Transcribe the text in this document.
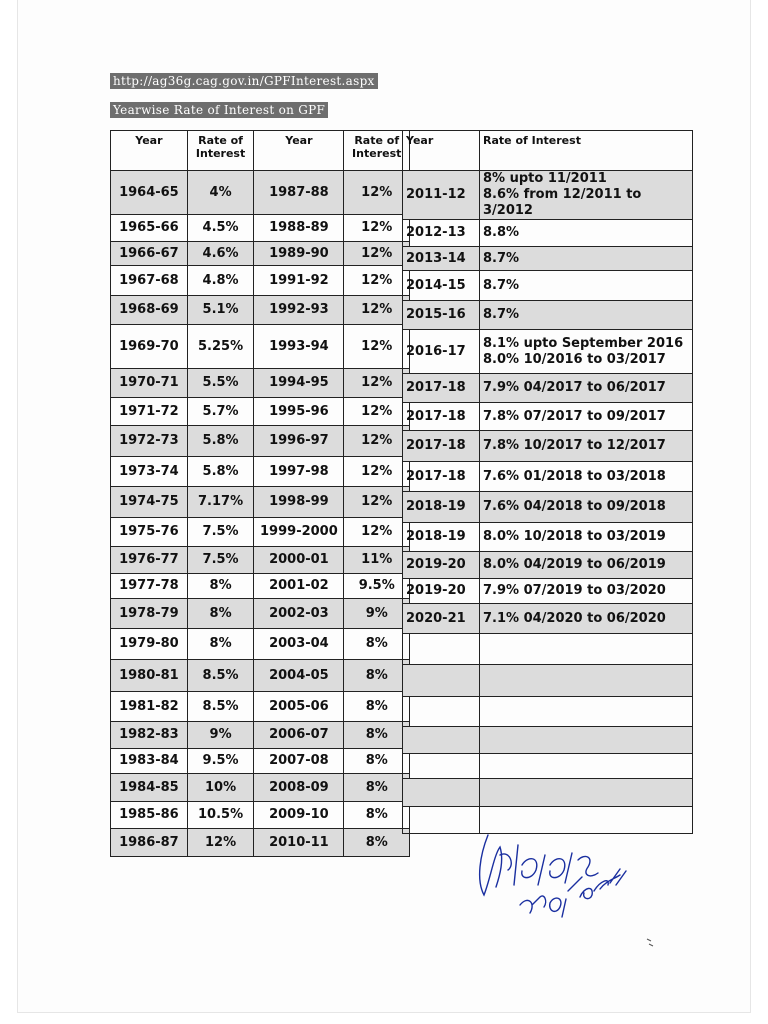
http://ag36g.cag.gov.in/GPFInterest.aspx
Yearwise Rate of Interest on GPF
Year	Rate of Interest	Year	Rate of Interest
1964-65	4%	1987-88	12%
1965-66	4.5%	1988-89	12%
1966-67	4.6%	1989-90	12%
1967-68	4.8%	1991-92	12%
1968-69	5.1%	1992-93	12%
1969-70	5.25%	1993-94	12%
1970-71	5.5%	1994-95	12%
1971-72	5.7%	1995-96	12%
1972-73	5.8%	1996-97	12%
1973-74	5.8%	1997-98	12%
1974-75	7.17%	1998-99	12%
1975-76	7.5%	1999-2000	12%
1976-77	7.5%	2000-01	11%
1977-78	8%	2001-02	9.5%
1978-79	8%	2002-03	9%
1979-80	8%	2003-04	8%
1980-81	8.5%	2004-05	8%
1981-82	8.5%	2005-06	8%
1982-83	9%	2006-07	8%
1983-84	9.5%	2007-08	8%
1984-85	10%	2008-09	8%
1985-86	10.5%	2009-10	8%
1986-87	12%	2010-11	8%
Year	Rate of Interest
2011-12	8% upto 11/2011
8.6% from 12/2011 to 3/2012

2012-13	8.8%

2013-14	8.7%

2014-15	8.7%

2015-16	8.7%

2016-17	8.1% upto September 2016
8.0% 10/2016 to 03/2017

2017-18	7.9% 04/2017 to 06/2017

2017-18	7.8% 07/2017 to 09/2017

2017-18	7.8% 10/2017 to 12/2017

2017-18	7.6% 01/2018 to 03/2018

2018-19	7.6% 04/2018 to 09/2018

2018-19	8.0% 10/2018 to 03/2019

2019-20	8.0% 04/2019 to 06/2019

2019-20	7.9% 07/2019 to 03/2020

2020-21	7.1% 04/2020 to 06/2020
